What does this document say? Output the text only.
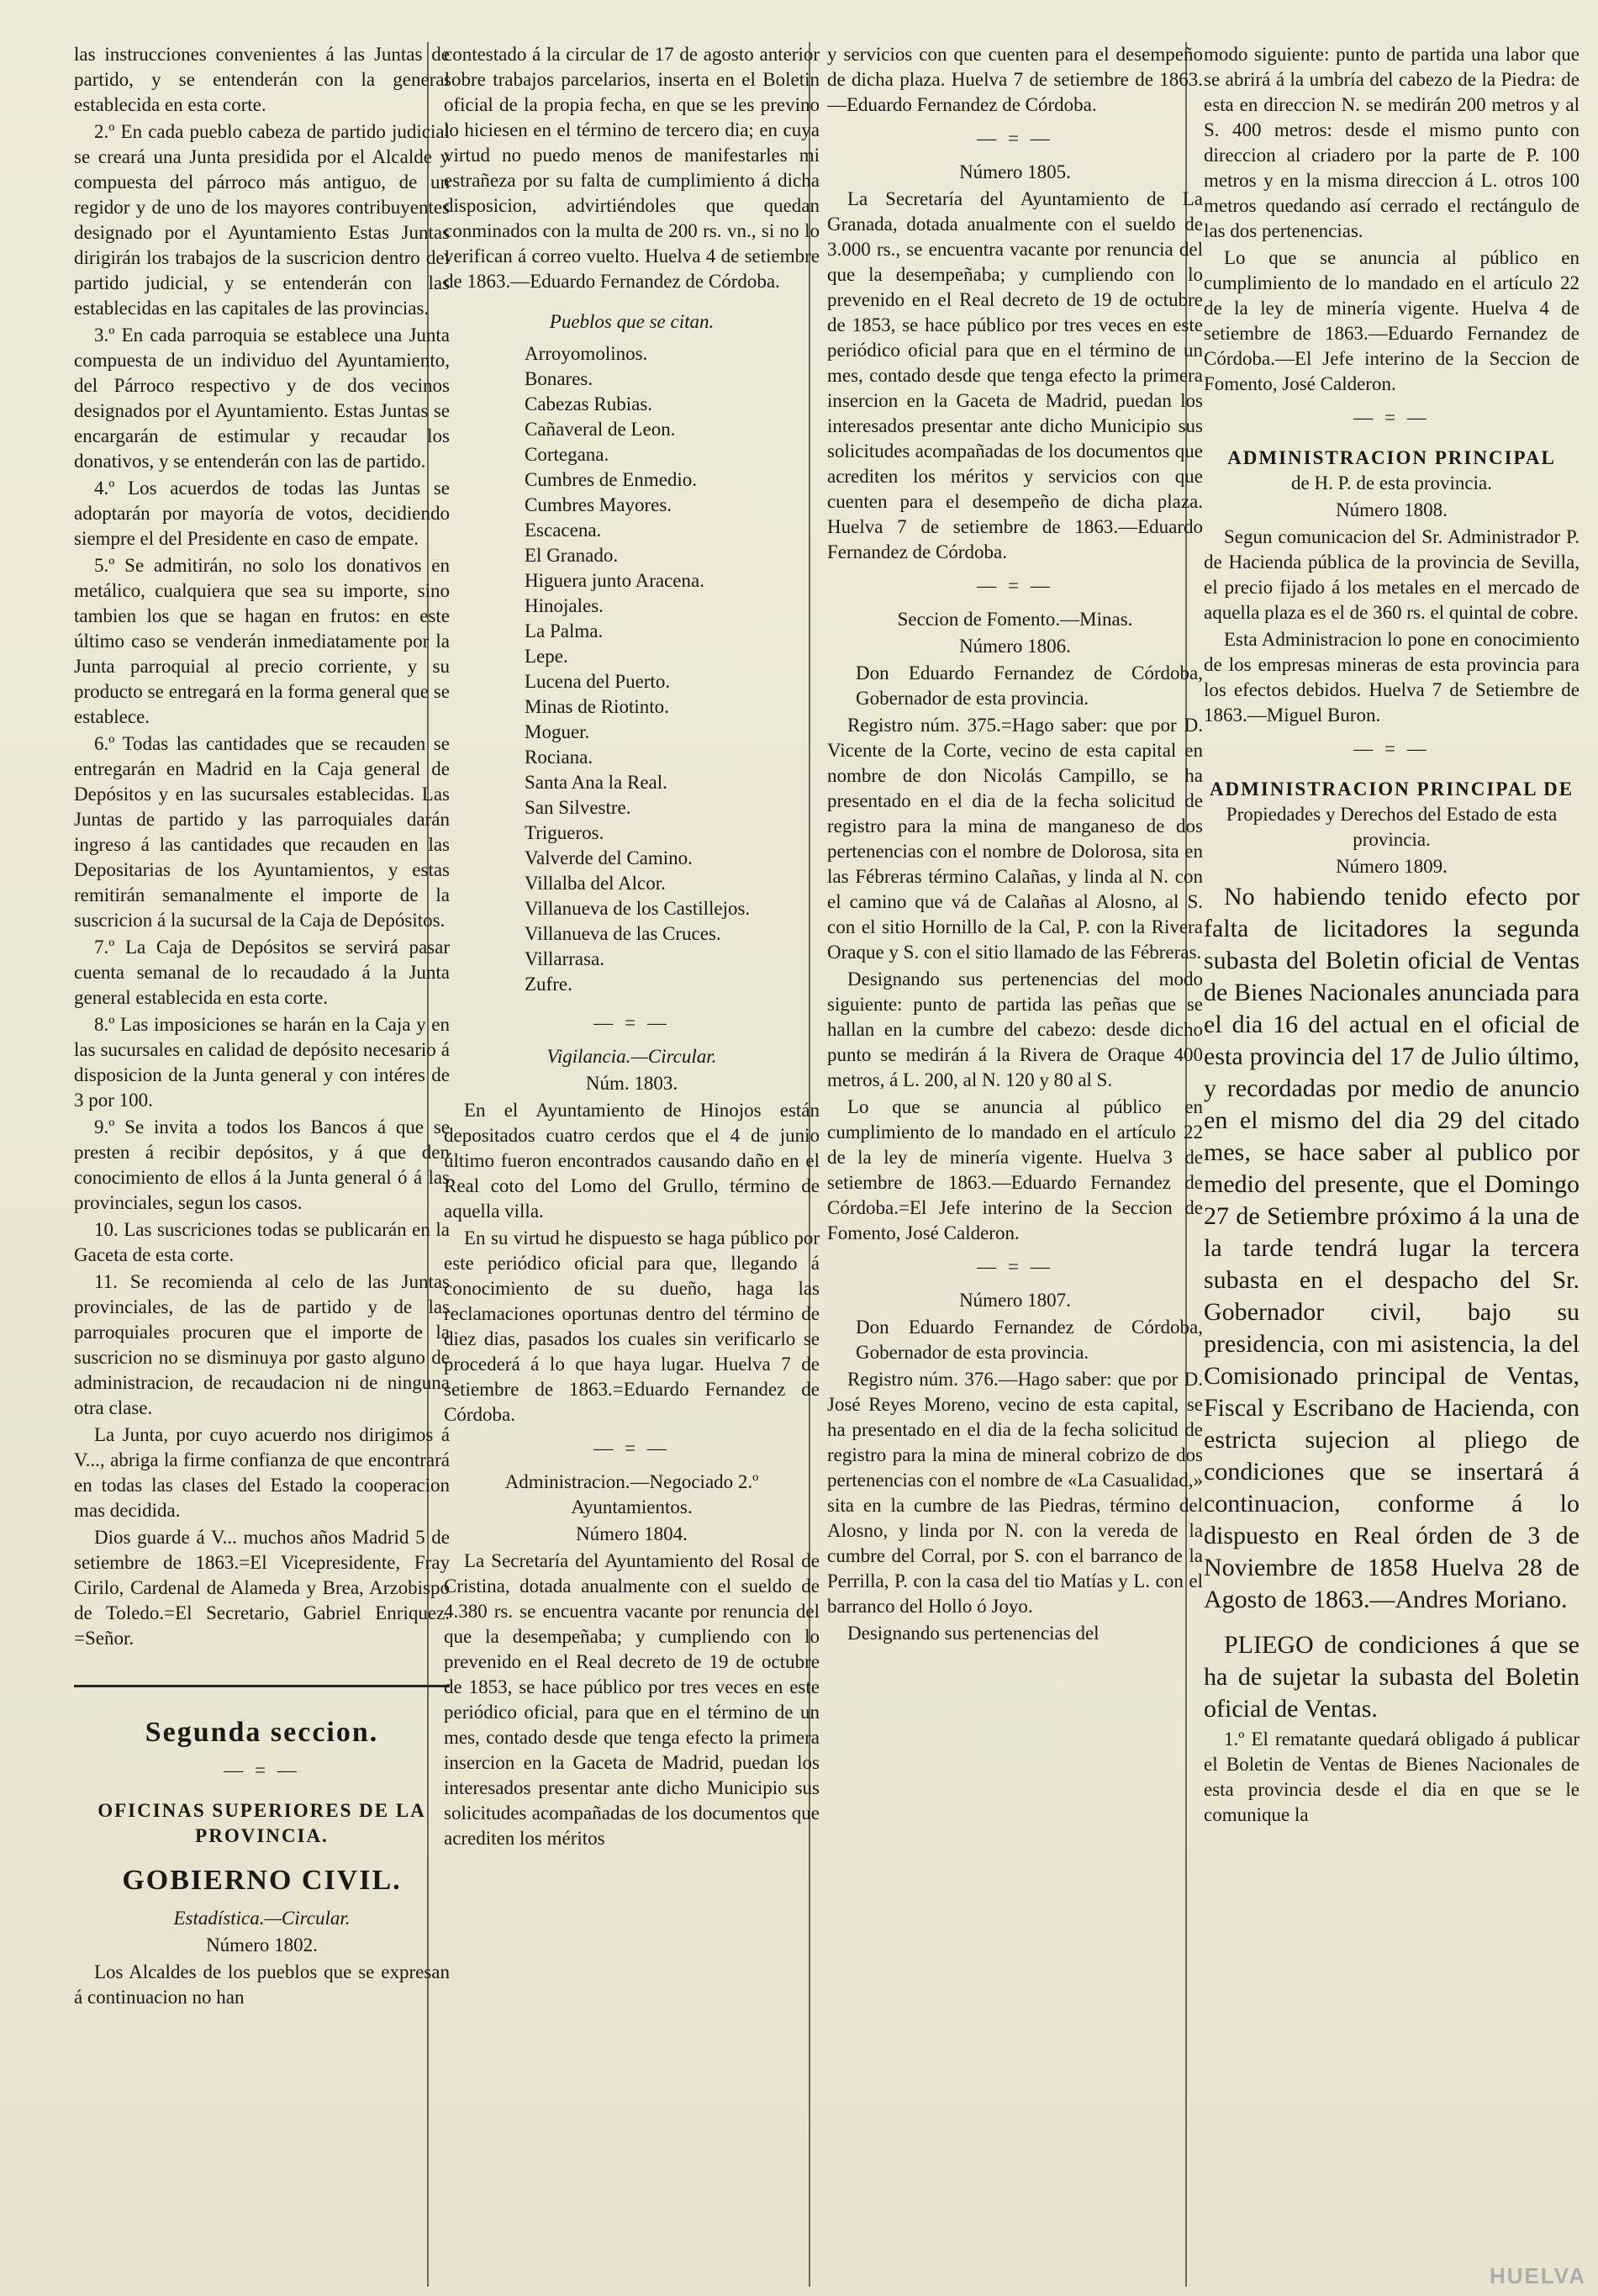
las instrucciones convenientes á las Juntas de partido, y se entenderán con la general establecida en esta corte.

2.º En cada pueblo cabeza de partido judicial se creará una Junta presidida por el Alcalde y compuesta del párroco más antiguo, de un regidor y de uno de los mayores contribuyentes designado por el Ayuntamiento Estas Juntas dirigirán los trabajos de la suscricion dentro del partido judicial, y se entenderán con las establecidas en las capitales de las provincias.

3.º En cada parroquia se establece una Junta compuesta de un individuo del Ayuntamiento, del Párroco respectivo y de dos vecinos designados por el Ayuntamiento. Estas Juntas se encargarán de estimular y recaudar los donativos, y se entenderán con las de partido.

4.º Los acuerdos de todas las Juntas se adoptarán por mayoría de votos, decidiendo siempre el del Presidente en caso de empate.

5.º Se admitirán, no solo los donativos en metálico, cualquiera que sea su importe, sino tambien los que se hagan en frutos: en este último caso se venderán inmediatamente por la Junta parroquial al precio corriente, y su producto se entregará en la forma general que se establece.

6.º Todas las cantidades que se recauden se entregarán en Madrid en la Caja general de Depósitos y en las sucursales establecidas. Las Juntas de partido y las parroquiales darán ingreso á las cantidades que recauden en las Depositarias de los Ayuntamientos, y estas remitirán semanalmente el importe de la suscricion á la sucursal de la Caja de Depósitos.

7.º La Caja de Depósitos se servirá pasar cuenta semanal de lo recaudado á la Junta general establecida en esta corte.

8.º Las imposiciones se harán en la Caja y en las sucursales en calidad de depósito necesario á disposicion de la Junta general y con intéres de 3 por 100.

9.º Se invita a todos los Bancos á que se presten á recibir depósitos, y á que den conocimiento de ellos á la Junta general ó á las provinciales, segun los casos.

10. Las suscriciones todas se publicarán en la Gaceta de esta corte.

11. Se recomienda al celo de las Juntas provinciales, de las de partido y de las parroquiales procuren que el importe de la suscricion no se disminuya por gasto alguno de administracion, de recaudacion ni de ninguna otra clase.

La Junta, por cuyo acuerdo nos dirigimos á V..., abriga la firme confianza de que encontrará en todas las clases del Estado la cooperacion mas decidida.

Dios guarde á V... muchos años Madrid 5 de setiembre de 1863.=El Vicepresidente, Fray Cirilo, Cardenal de Alameda y Brea, Arzobispo de Toledo.=El Secretario, Gabriel Enriquez. =Señor.

Segunda seccion.
— = —
OFICINAS SUPERIORES DE LA PROVINCIA.
GOBIERNO CIVIL.

Estadística.—Circular.

Número 1802.

Los Alcaldes de los pueblos que se expresan á continuacion no han

contestado á la circular de 17 de agosto anterior sobre trabajos parcelarios, inserta en el Boletin oficial de la propia fecha, en que se les previno lo hiciesen en el término de tercero dia; en cuya virtud no puedo menos de manifestarles mi estrañeza por su falta de cumplimiento á dicha disposicion, advirtiéndoles que quedan conminados con la multa de 200 rs. vn., si no lo verifican á correo vuelto. Huelva 4 de setiembre de 1863.—Eduardo Fernandez de Córdoba.

Pueblos que se citan.

Arroyomolinos.
Bonares.
Cabezas Rubias.
Cañaveral de Leon.
Cortegana.
Cumbres de Enmedio.
Cumbres Mayores.
Escacena.
El Granado.
Higuera junto Aracena.
Hinojales.
La Palma.
Lepe.
Lucena del Puerto.
Minas de Riotinto.
Moguer.
Rociana.
Santa Ana la Real.
San Silvestre.
Trigueros.
Valverde del Camino.
Villalba del Alcor.
Villanueva de los Castillejos.
Villanueva de las Cruces.
Villarrasa.
Zufre.
— = —

Vigilancia.—Circular.

Núm. 1803.

En el Ayuntamiento de Hinojos están depositados cuatro cerdos que el 4 de junio último fueron encontrados causando daño en el Real coto del Lomo del Grullo, término de aquella villa.

En su virtud he dispuesto se haga público por este periódico oficial para que, llegando á conocimiento de su dueño, haga las reclamaciones oportunas dentro del término de diez dias, pasados los cuales sin verificarlo se procederá á lo que haya lugar. Huelva 7 de setiembre de 1863.=Eduardo Fernandez de Córdoba.

— = —

Administracion.—Negociado 2.º Ayuntamientos.

Número 1804.

La Secretaría del Ayuntamiento del Rosal de Cristina, dotada anualmente con el sueldo de 4.380 rs. se encuentra vacante por renuncia del que la desempeñaba; y cumpliendo con lo prevenido en el Real decreto de 19 de octubre de 1853, se hace público por tres veces en este periódico oficial, para que en el término de un mes, contado desde que tenga efecto la primera insercion en la Gaceta de Madrid, puedan los interesados presentar ante dicho Municipio sus solicitudes acompañadas de los documentos que acrediten los méritos

y servicios con que cuenten para el desempeño de dicha plaza. Huelva 7 de setiembre de 1863. —Eduardo Fernandez de Córdoba.

— = —

Número 1805.

La Secretaría del Ayuntamiento de La Granada, dotada anualmente con el sueldo de 3.000 rs., se encuentra vacante por renuncia del que la desempeñaba; y cumpliendo con lo prevenido en el Real decreto de 19 de octubre de 1853, se hace público por tres veces en este periódico oficial para que en el término de un mes, contado desde que tenga efecto la primera insercion en la Gaceta de Madrid, puedan los interesados presentar ante dicho Municipio sus solicitudes acompañadas de los documentos que acrediten los méritos y servicios con que cuenten para el desempeño de dicha plaza. Huelva 7 de setiembre de 1863.—Eduardo Fernandez de Córdoba.

— = —

Seccion de Fomento.—Minas.

Número 1806.

Don Eduardo Fernandez de Córdoba, Gobernador de esta provincia.

Registro núm. 375.=Hago saber: que por D. Vicente de la Corte, vecino de esta capital en nombre de don Nicolás Campillo, se ha presentado en el dia de la fecha solicitud de registro para la mina de manganeso de dos pertenencias con el nombre de Dolorosa, sita en las Fébreras término Calañas, y linda al N. con el camino que vá de Calañas al Alosno, al S. con el sitio Hornillo de la Cal, P. con la Rivera Oraque y S. con el sitio llamado de las Fébreras.

Designando sus pertenencias del modo siguiente: punto de partida las peñas que se hallan en la cumbre del cabezo: desde dicho punto se medirán á la Rivera de Oraque 400 metros, á L. 200, al N. 120 y 80 al S.

Lo que se anuncia al público en cumplimiento de lo mandado en el artículo 22 de la ley de minería vigente. Huelva 3 de setiembre de 1863.—Eduardo Fernandez de Córdoba.=El Jefe interino de la Seccion de Fomento, José Calderon.

— = —

Número 1807.

Don Eduardo Fernandez de Córdoba, Gobernador de esta provincia.

Registro núm. 376.—Hago saber: que por D. José Reyes Moreno, vecino de esta capital, se ha presentado en el dia de la fecha solicitud de registro para la mina de mineral cobrizo de dos pertenencias con el nombre de «La Casualidad,» sita en la cumbre de las Piedras, término del Alosno, y linda por N. con la vereda de la cumbre del Corral, por S. con el barranco de la Perrilla, P. con la casa del tio Matías y L. con el barranco del Hollo ó Joyo.

Designando sus pertenencias del

modo siguiente: punto de partida una labor que se abrirá á la umbría del cabezo de la Piedra: de esta en direccion N. se medirán 200 metros y al S. 400 metros: desde el mismo punto con direccion al criadero por la parte de P. 100 metros y en la misma direccion á L. otros 100 metros quedando así cerrado el rectángulo de las dos pertenencias.

Lo que se anuncia al público en cumplimiento de lo mandado en el artículo 22 de la ley de minería vigente. Huelva 4 de setiembre de 1863.—Eduardo Fernandez de Córdoba.—El Jefe interino de la Seccion de Fomento, José Calderon.

— = —
ADMINISTRACION PRINCIPAL

de H. P. de esta provincia.

Número 1808.

Segun comunicacion del Sr. Administrador P. de Hacienda pública de la provincia de Sevilla, el precio fijado á los metales en el mercado de aquella plaza es el de 360 rs. el quintal de cobre.

Esta Administracion lo pone en conocimiento de los empresas mineras de esta provincia para los efectos debidos. Huelva 7 de Setiembre de 1863.—Miguel Buron.

— = —
ADMINISTRACION PRINCIPAL DE

Propiedades y Derechos del Estado de esta provincia.

Número 1809.

No habiendo tenido efecto por falta de licitadores la segunda subasta del Boletin oficial de Ventas de Bienes Nacionales anunciada para el dia 16 del actual en el oficial de esta provincia del 17 de Julio último, y recordadas por medio de anuncio en el mismo del dia 29 del citado mes, se hace saber al publico por medio del presente, que el Domingo 27 de Setiembre próximo á la una de la tarde tendrá lugar la tercera subasta en el despacho del Sr. Gobernador civil, bajo su presidencia, con mi asistencia, la del Comisionado principal de Ventas, Fiscal y Escribano de Hacienda, con estricta sujecion al pliego de condiciones que se insertará á continuacion, conforme á lo dispuesto en Real órden de 3 de Noviembre de 1858 Huelva 28 de Agosto de 1863.—Andres Moriano.

PLIEGO de condiciones á que se ha de sujetar la subasta del Boletin oficial de Ventas.

1.º El rematante quedará obligado á publicar el Boletin de Ventas de Bienes Nacionales de esta provincia desde el dia en que se le comunique la

HUELVA
